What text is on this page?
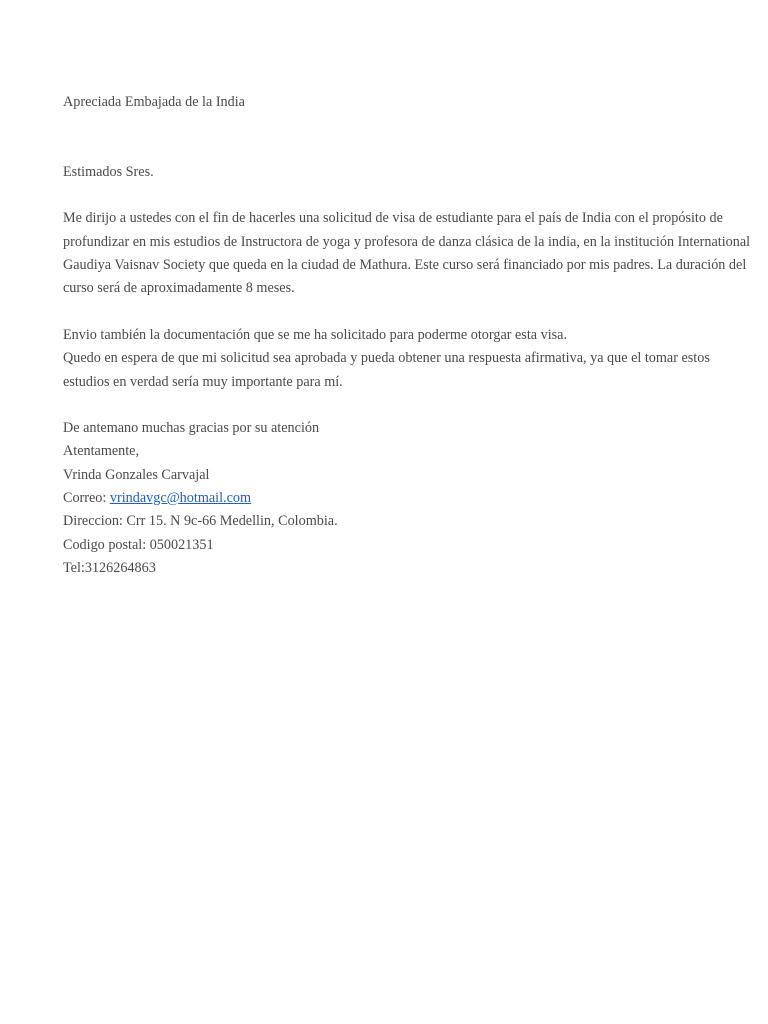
Apreciada Embajada de la India

Estimados Sres.

Me dirijo a ustedes con el fin de hacerles una solicitud de visa de estudiante para el país de India con el propósito de profundizar en mis estudios de Instructora de yoga y profesora de danza clásica de la india, en la institución International Gaudiya Vaisnav Society que queda en la ciudad de Mathura. Este curso será financiado por mis padres. La duración del curso será de aproximadamente 8 meses.

Envio también la documentación que se me ha solicitado para poderme otorgar esta visa.

Quedo en espera de que mi solicitud sea aprobada y pueda obtener una respuesta afirmativa, ya que el tomar estos estudios en verdad sería muy importante para mí.

De antemano muchas gracias por su atención

Atentamente,

Vrinda Gonzales Carvajal

Correo: vrindavgc@hotmail.com

Direccion: Crr 15. N 9c-66 Medellin, Colombia.

Codigo postal: 050021351

Tel:3126264863
